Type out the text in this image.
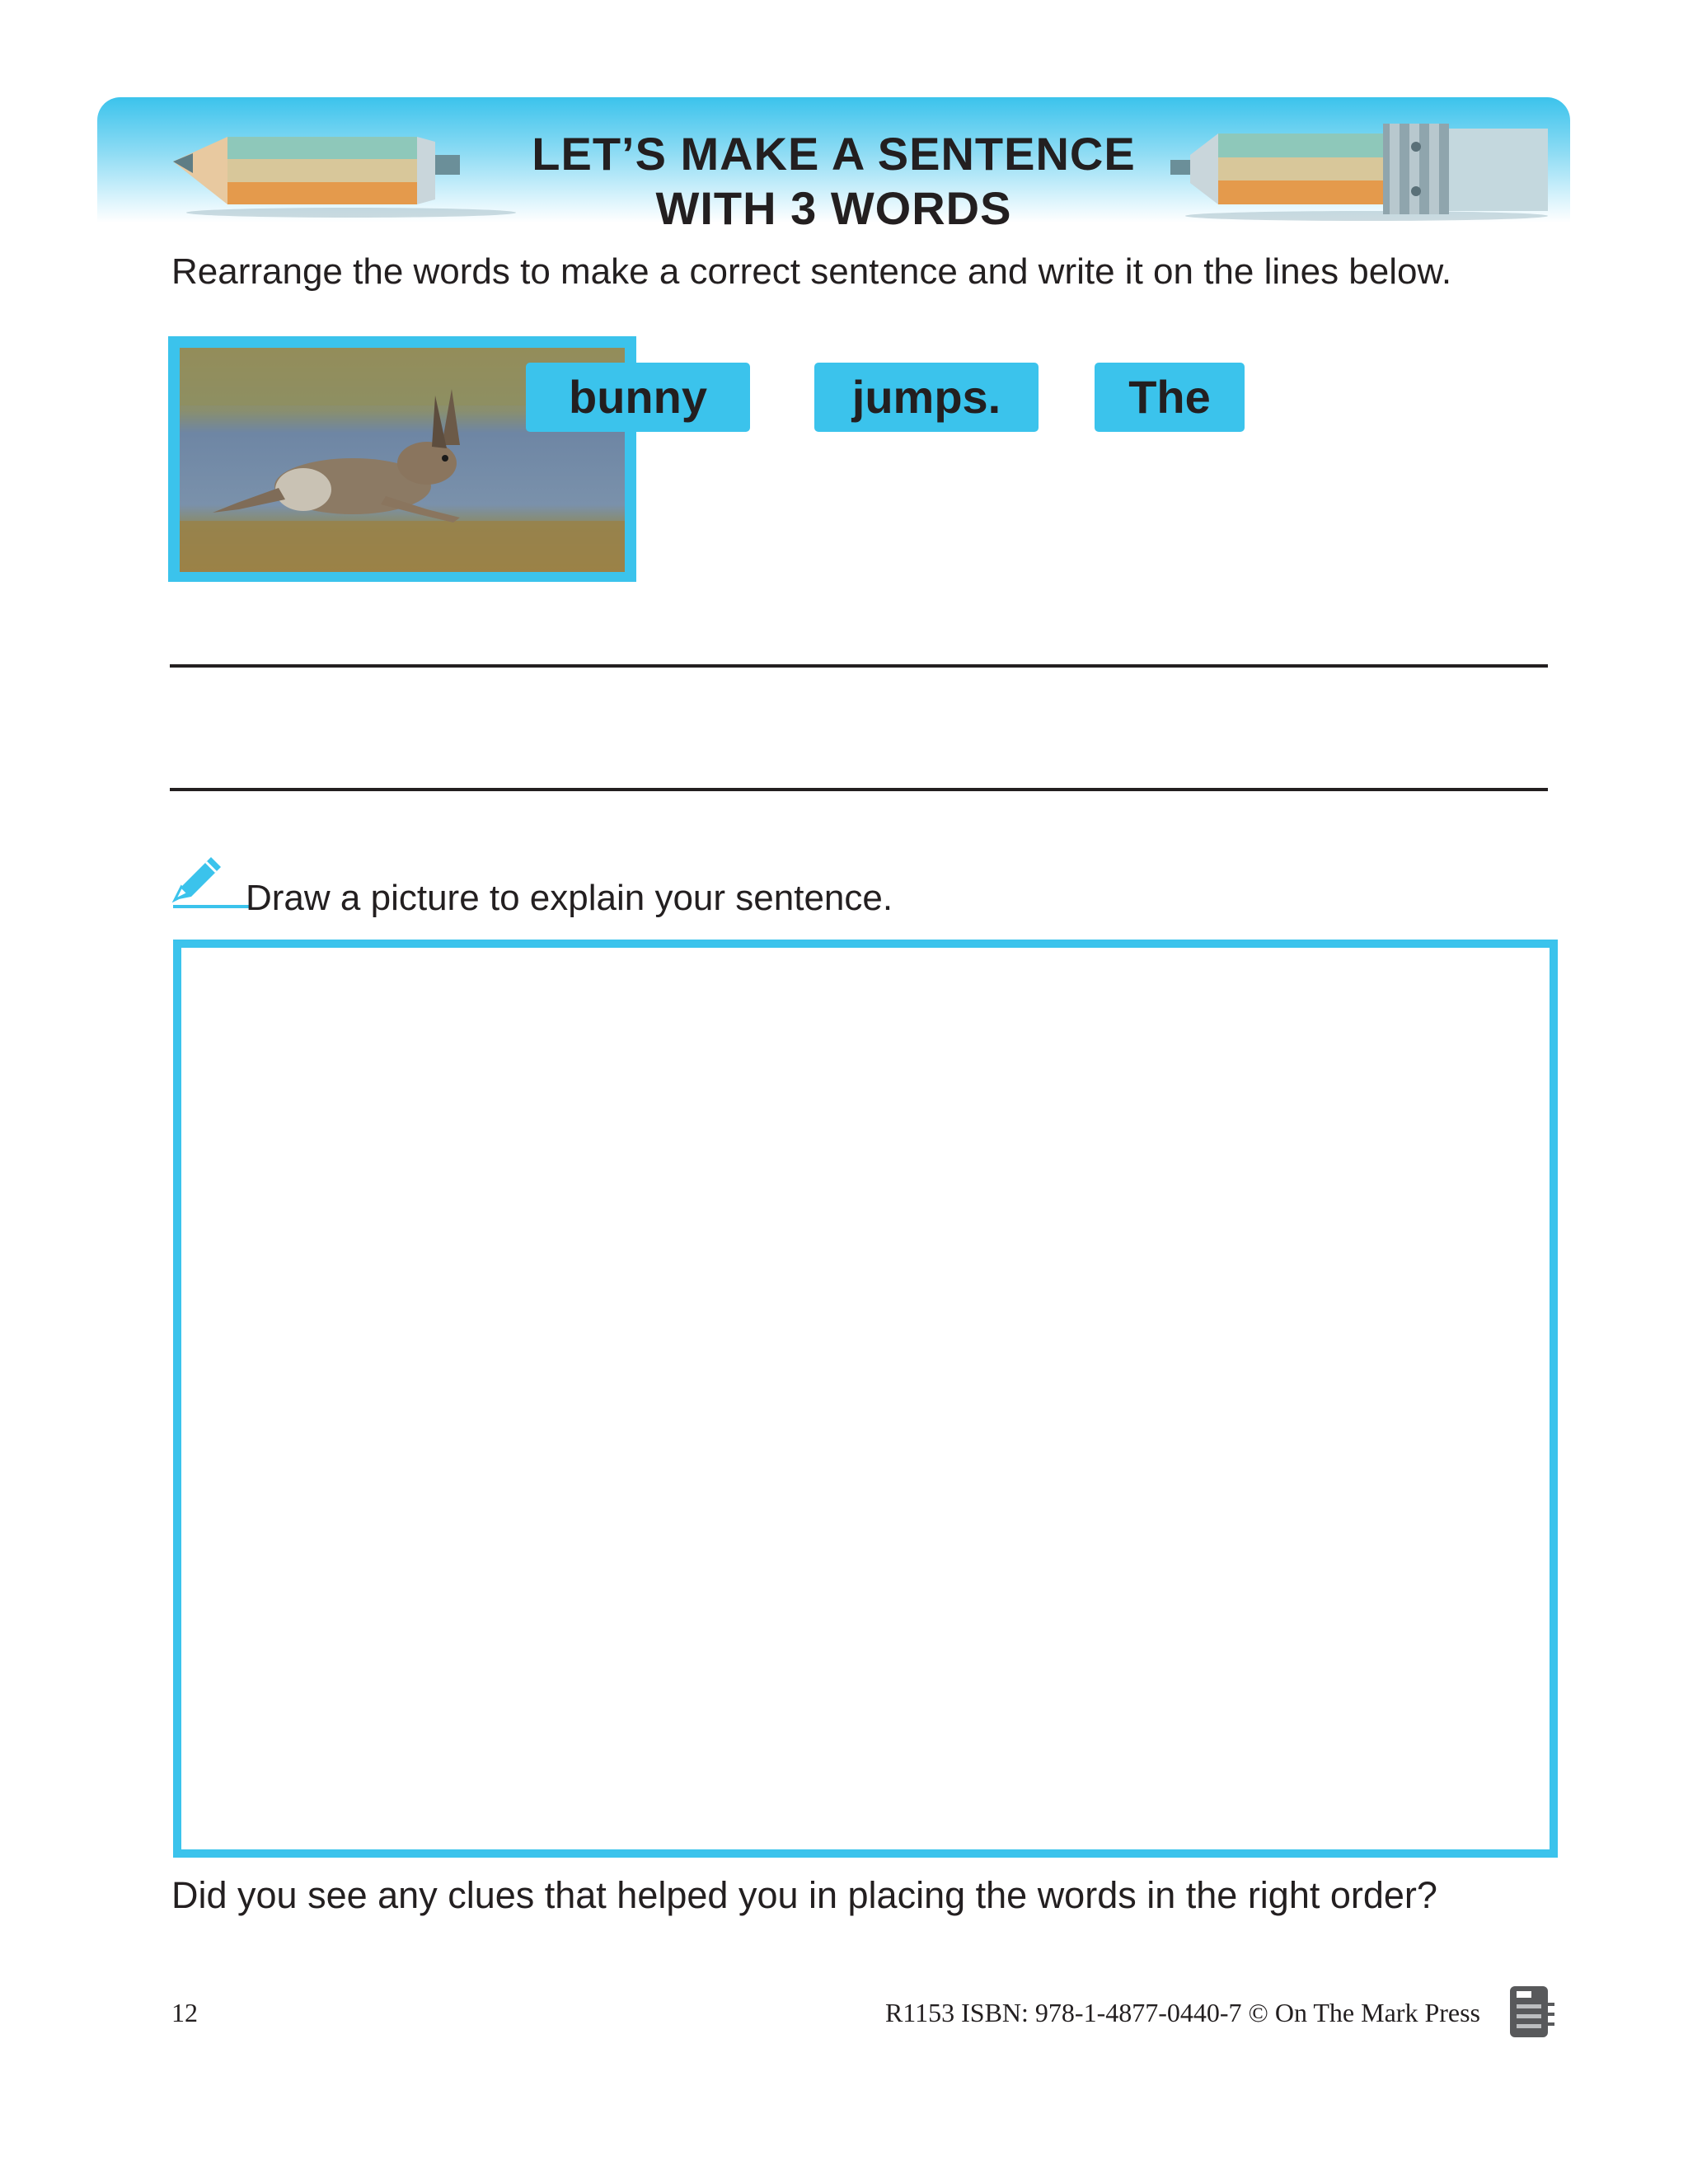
LET’S MAKE A SENTENCE
WITH 3 WORDS
Rearrange the words to make a correct sentence and write it on the lines below.
bunny	jumps.	The
Draw a picture to explain your sentence.
Did you see any clues that helped you in placing the words in the right order?
12	R1153 ISBN: 978-1-4877-0440-7 © On The Mark Press
